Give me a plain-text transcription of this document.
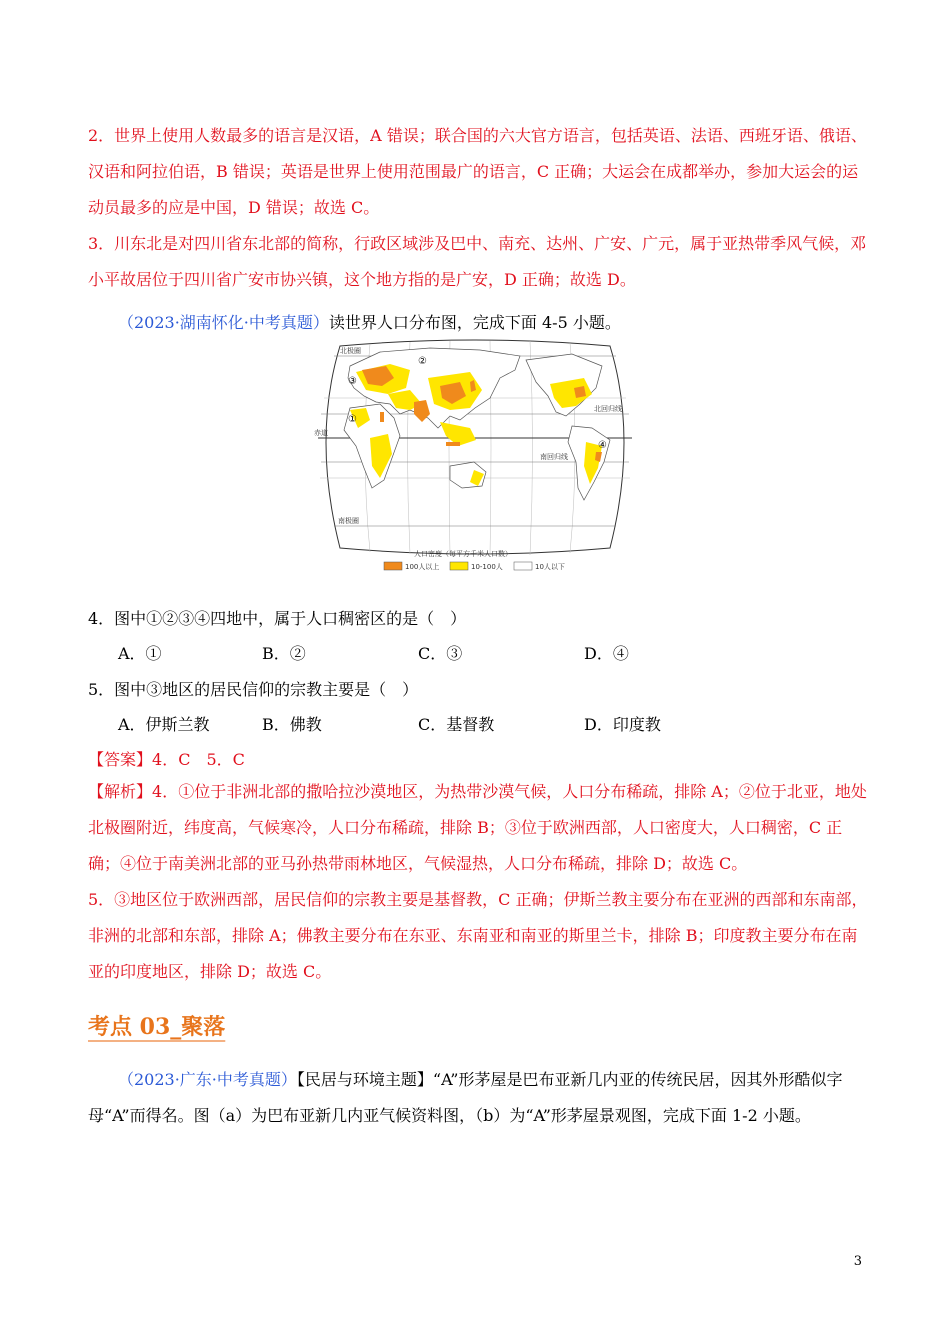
2．世界上使用人数最多的语言是汉语，A 错误；联合国的六大官方语言，包括英语、法语、西班牙语、俄语、汉语和阿拉伯语，B 错误；英语是世界上使用范围最广的语言，C 正确；大运会在成都举办，参加大运会的运动员最多的应是中国，D 错误；故选 C。

3．川东北是对四川省东北部的简称，行政区域涉及巴中、南充、达州、广安、广元，属于亚热带季风气候，邓小平故居位于四川省广安市协兴镇，这个地方指的是广安，D 正确；故选 D。

（2023·湖南怀化·中考真题）读世界人口分布图，完成下面 4-5 小题。
①
②
③
④
北极圈
北回归线
赤道
南回归线
南极圈
人口密度（每平方千米人口数）
100人以上	10-100人	10人以下
4．图中①②③④四地中，属于人口稠密区的是（　）
A．①	B．②	C．③	D．④
5．图中③地区的居民信仰的宗教主要是（　）
A．伊斯兰教	B．佛教	C．基督教	D．印度教
【答案】4．C　5．C

【解析】4．①位于非洲北部的撒哈拉沙漠地区，为热带沙漠气候，人口分布稀疏，排除 A；②位于北亚，地处北极圈附近，纬度高，气候寒冷，人口分布稀疏，排除 B；③位于欧洲西部，人口密度大，人口稠密，C 正确；④位于南美洲北部的亚马孙热带雨林地区，气候湿热，人口分布稀疏，排除 D；故选 C。

5．③地区位于欧洲西部，居民信仰的宗教主要是基督教，C 正确；伊斯兰教主要分布在亚洲的西部和东南部，非洲的北部和东部，排除 A；佛教主要分布在东亚、东南亚和南亚的斯里兰卡，排除 B；印度教主要分布在南亚的印度地区，排除 D；故选 C。

考点 03_聚落

（2023·广东·中考真题）【民居与环境主题】“A”形茅屋是巴布亚新几内亚的传统民居，因其外形酷似字母“A”而得名。图（a）为巴布亚新几内亚气候资料图，（b）为“A”形茅屋景观图，完成下面 1-2 小题。

3
